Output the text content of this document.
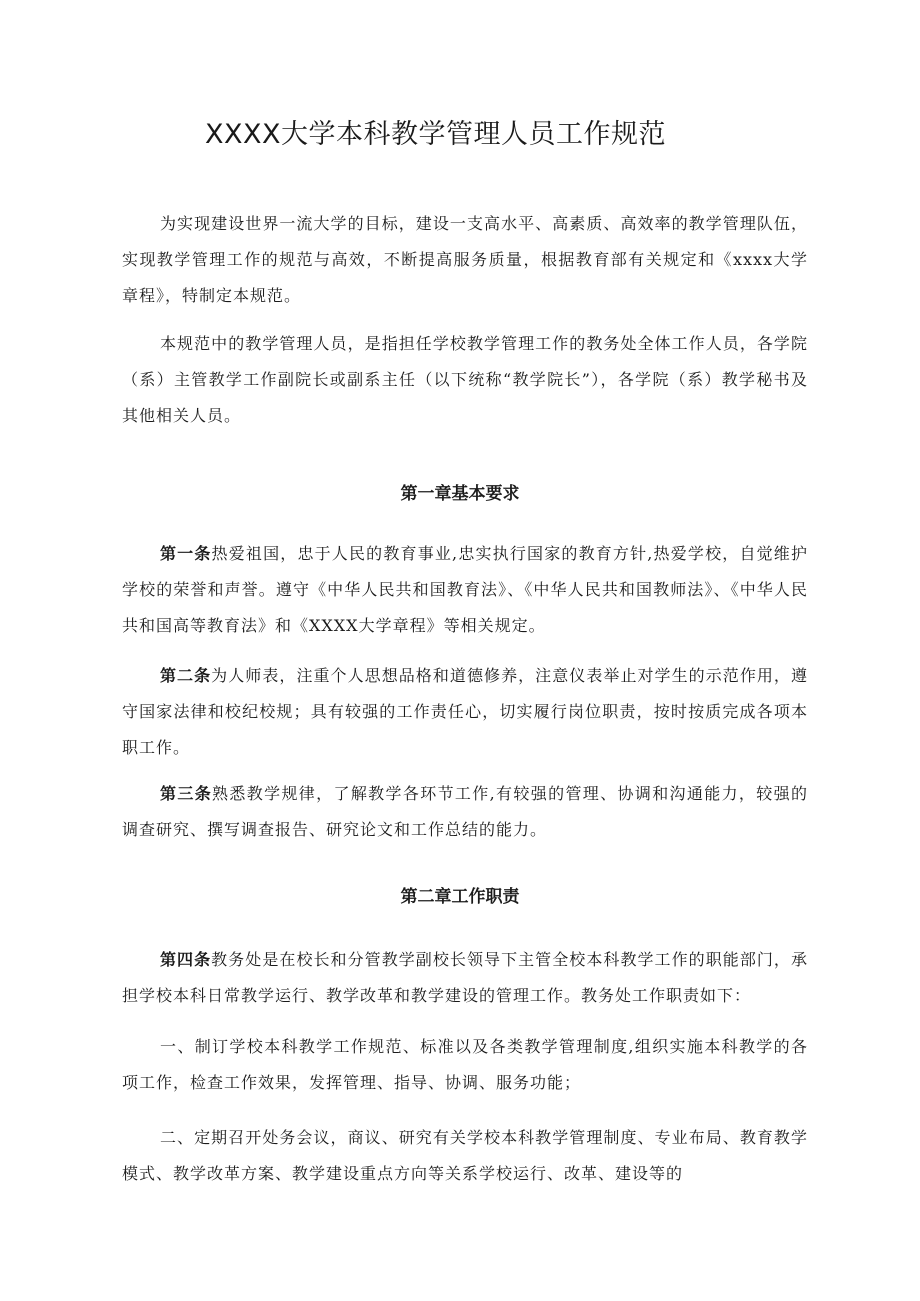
XXXX大学本科教学管理人员工作规范

为实现建设世界一流大学的目标，建设一支高水平、高素质、高效率的教学管理队伍，实现教学管理工作的规范与高效，不断提高服务质量，根据教育部有关规定和《xxxx大学章程》，特制定本规范。

本规范中的教学管理人员，是指担任学校教学管理工作的教务处全体工作人员，各学院（系）主管教学工作副院长或副系主任（以下统称“教学院长”），各学院（系）教学秘书及其他相关人员。

第一章基本要求

第一条热爱祖国，忠于人民的教育事业,忠实执行国家的教育方针,热爱学校，自觉维护学校的荣誉和声誉。遵守《中华人民共和国教育法》、《中华人民共和国教师法》、《中华人民共和国高等教育法》和《XXXX大学章程》等相关规定。

第二条为人师表，注重个人思想品格和道德修养，注意仪表举止对学生的示范作用，遵守国家法律和校纪校规；具有较强的工作责任心，切实履行岗位职责，按时按质完成各项本职工作。

第三条熟悉教学规律，了解教学各环节工作,有较强的管理、协调和沟通能力，较强的调查研究、撰写调查报告、研究论文和工作总结的能力。

第二章工作职责

第四条教务处是在校长和分管教学副校长领导下主管全校本科教学工作的职能部门，承担学校本科日常教学运行、教学改革和教学建设的管理工作。教务处工作职责如下：

一、制订学校本科教学工作规范、标准以及各类教学管理制度,组织实施本科教学的各项工作，检查工作效果，发挥管理、指导、协调、服务功能；

二、定期召开处务会议，商议、研究有关学校本科教学管理制度、专业布局、教育教学模式、教学改革方案、教学建设重点方向等关系学校运行、改革、建设等的
